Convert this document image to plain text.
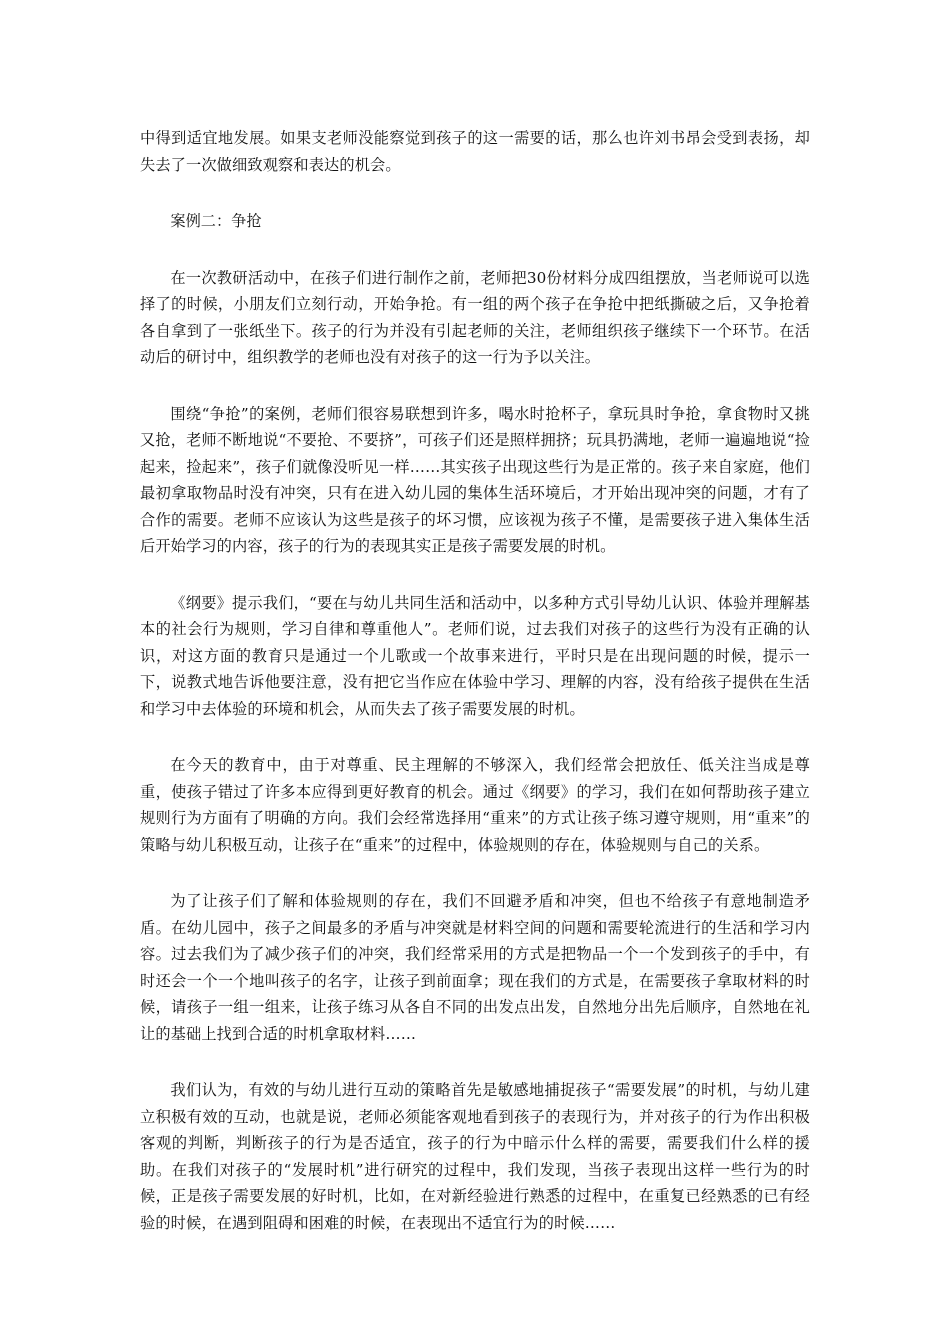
中得到适宜地发展。如果支老师没能察觉到孩子的这一需要的话，那么也许刘书昂会受到表扬，却失去了一次做细致观察和表达的机会。

案例二：争抢

在一次教研活动中，在孩子们进行制作之前，老师把30份材料分成四组摆放，当老师说可以选择了的时候，小朋友们立刻行动，开始争抢。有一组的两个孩子在争抢中把纸撕破之后，又争抢着各自拿到了一张纸坐下。孩子的行为并没有引起老师的关注，老师组织孩子继续下一个环节。在活动后的研讨中，组织教学的老师也没有对孩子的这一行为予以关注。

围绕“争抢”的案例，老师们很容易联想到许多，喝水时抢杯子，拿玩具时争抢，拿食物时又挑又抢，老师不断地说“不要抢、不要挤”，可孩子们还是照样拥挤；玩具扔满地，老师一遍遍地说“捡起来，捡起来”，孩子们就像没听见一样……其实孩子出现这些行为是正常的。孩子来自家庭，他们最初拿取物品时没有冲突，只有在进入幼儿园的集体生活环境后，才开始出现冲突的问题，才有了合作的需要。老师不应该认为这些是孩子的坏习惯，应该视为孩子不懂，是需要孩子进入集体生活后开始学习的内容，孩子的行为的表现其实正是孩子需要发展的时机。

《纲要》提示我们，“要在与幼儿共同生活和活动中，以多种方式引导幼儿认识、体验并理解基本的社会行为规则，学习自律和尊重他人”。老师们说，过去我们对孩子的这些行为没有正确的认识，对这方面的教育只是通过一个儿歌或一个故事来进行，平时只是在出现问题的时候，提示一下，说教式地告诉他要注意，没有把它当作应在体验中学习、理解的内容，没有给孩子提供在生活和学习中去体验的环境和机会，从而失去了孩子需要发展的时机。

在今天的教育中，由于对尊重、民主理解的不够深入，我们经常会把放任、低关注当成是尊重，使孩子错过了许多本应得到更好教育的机会。通过《纲要》的学习，我们在如何帮助孩子建立规则行为方面有了明确的方向。我们会经常选择用“重来”的方式让孩子练习遵守规则，用“重来”的策略与幼儿积极互动，让孩子在“重来”的过程中，体验规则的存在，体验规则与自己的关系。

为了让孩子们了解和体验规则的存在，我们不回避矛盾和冲突，但也不给孩子有意地制造矛盾。在幼儿园中，孩子之间最多的矛盾与冲突就是材料空间的问题和需要轮流进行的生活和学习内容。过去我们为了减少孩子们的冲突，我们经常采用的方式是把物品一个一个发到孩子的手中，有时还会一个一个地叫孩子的名字，让孩子到前面拿；现在我们的方式是，在需要孩子拿取材料的时候，请孩子一组一组来，让孩子练习从各自不同的出发点出发，自然地分出先后顺序，自然地在礼让的基础上找到合适的时机拿取材料……

我们认为，有效的与幼儿进行互动的策略首先是敏感地捕捉孩子“需要发展”的时机，与幼儿建立积极有效的互动，也就是说，老师必须能客观地看到孩子的表现行为，并对孩子的行为作出积极客观的判断，判断孩子的行为是否适宜，孩子的行为中暗示什么样的需要，需要我们什么样的援助。在我们对孩子的“发展时机”进行研究的过程中，我们发现，当孩子表现出这样一些行为的时候，正是孩子需要发展的好时机，比如，在对新经验进行熟悉的过程中，在重复已经熟悉的已有经验的时候，在遇到阻碍和困难的时候，在表现出不适宜行为的时候……
